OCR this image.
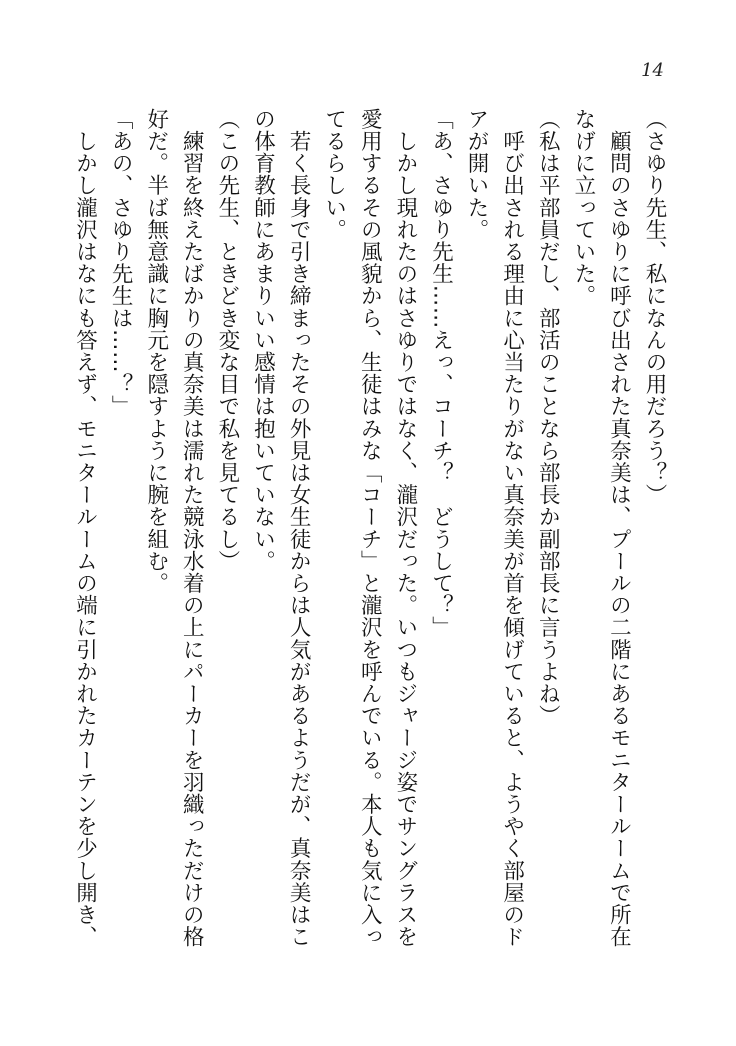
14

（さゆり先生、私になんの用だろう？）

　顧問のさゆりに呼び出された真奈美は、プールの二階にあるモニタールームで所在

なげに立っていた。

（私は平部員だし、部活のことなら部長か副部長に言うよね）

　呼び出される理由に心当たりがない真奈美が首を傾げていると、ようやく部屋のド

アが開いた。

「あ、さゆり先生……えっ、コーチ？　どうして？」

　しかし現れたのはさゆりではなく、瀧沢だった。いつもジャージ姿でサングラスを

愛用するその風貌から、生徒はみな「コーチ」と瀧沢を呼んでいる。本人も気に入っ

てるらしい。

　若く長身で引き締まったその外見は女生徒からは人気があるようだが、真奈美はこ

の体育教師にあまりいい感情は抱いていない。

（この先生、ときどき変な目で私を見てるし）

　練習を終えたばかりの真奈美は濡れた競泳水着の上にパーカーを羽織っただけの格

好だ。半ば無意識に胸元を隠すように腕を組む。

「あの、さゆり先生は……？」

　しかし瀧沢はなにも答えず、モニタールームの端に引かれたカーテンを少し開き、
